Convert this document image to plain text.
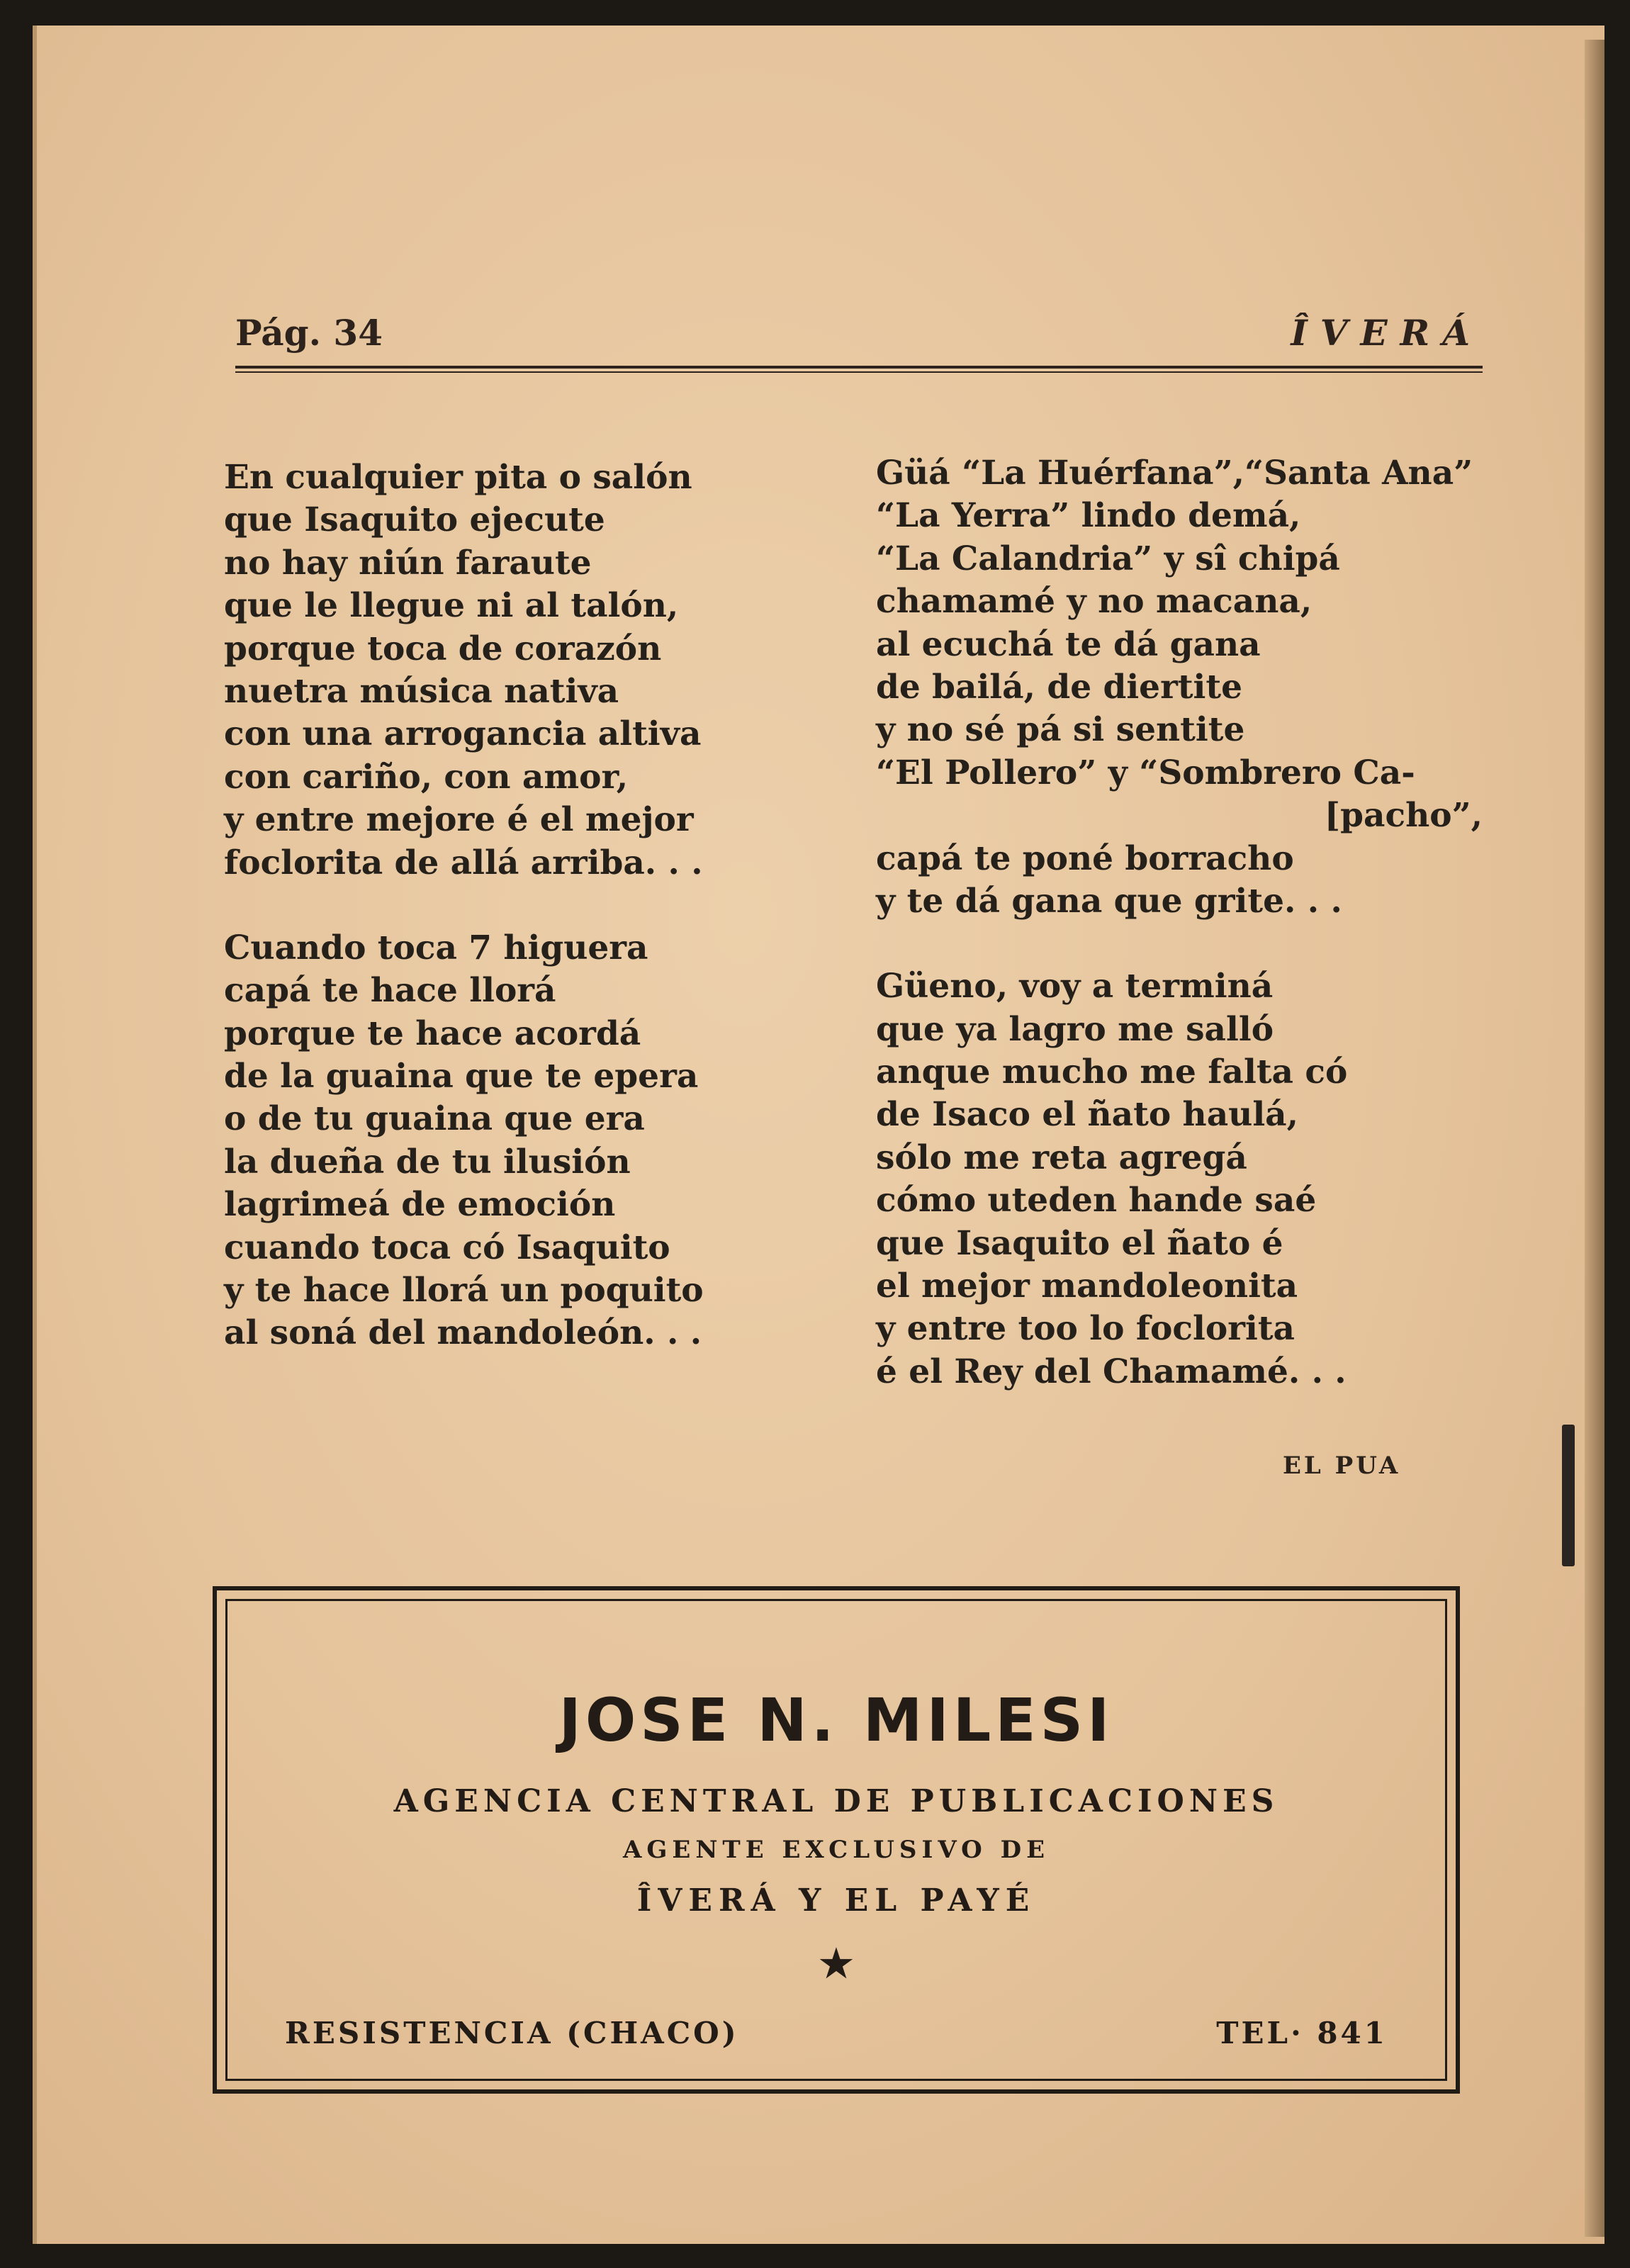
Pág. 34	ÎVERÁ
En cualquier pita o salón
que Isaquito ejecute
no hay niún faraute
que le llegue ni al talón,
porque toca de corazón
nuetra música nativa
con una arrogancia altiva
con cariño, con amor,
y entre mejore é el mejor
foclorita de allá arriba. . .
Cuando toca 7 higuera
capá te hace llorá
porque te hace acordá
de la guaina que te epera
o de tu guaina que era
la dueña de tu ilusión
lagrimeá de emoción
cuando toca có Isaquito
y te hace llorá un poquito
al soná del mandoleón. . .
Güá “La Huérfana”,“Santa Ana”
“La Yerra” lindo demá,
“La Calandria” y sî chipá
chamamé y no macana,
al ecuchá te dá gana
de bailá, de diertite
y no sé pá si sentite
“El Pollero” y “Sombrero Ca-
[pacho”,
capá te poné borracho
y te dá gana que grite. . .
Güeno, voy a terminá
que ya lagro me salló
anque mucho me falta có
de Isaco el ñato haulá,
sólo me reta agregá
cómo uteden hande saé
que Isaquito el ñato é
el mejor mandoleonita
y entre too lo foclorita
é el Rey del Chamamé. . .
EL PUA
JOSE N. MILESI
AGENCIA CENTRAL DE PUBLICACIONES
AGENTE EXCLUSIVO DE
ÎVERÁ Y EL PAYÉ
★
RESISTENCIA (CHACO)	TEL· 841
